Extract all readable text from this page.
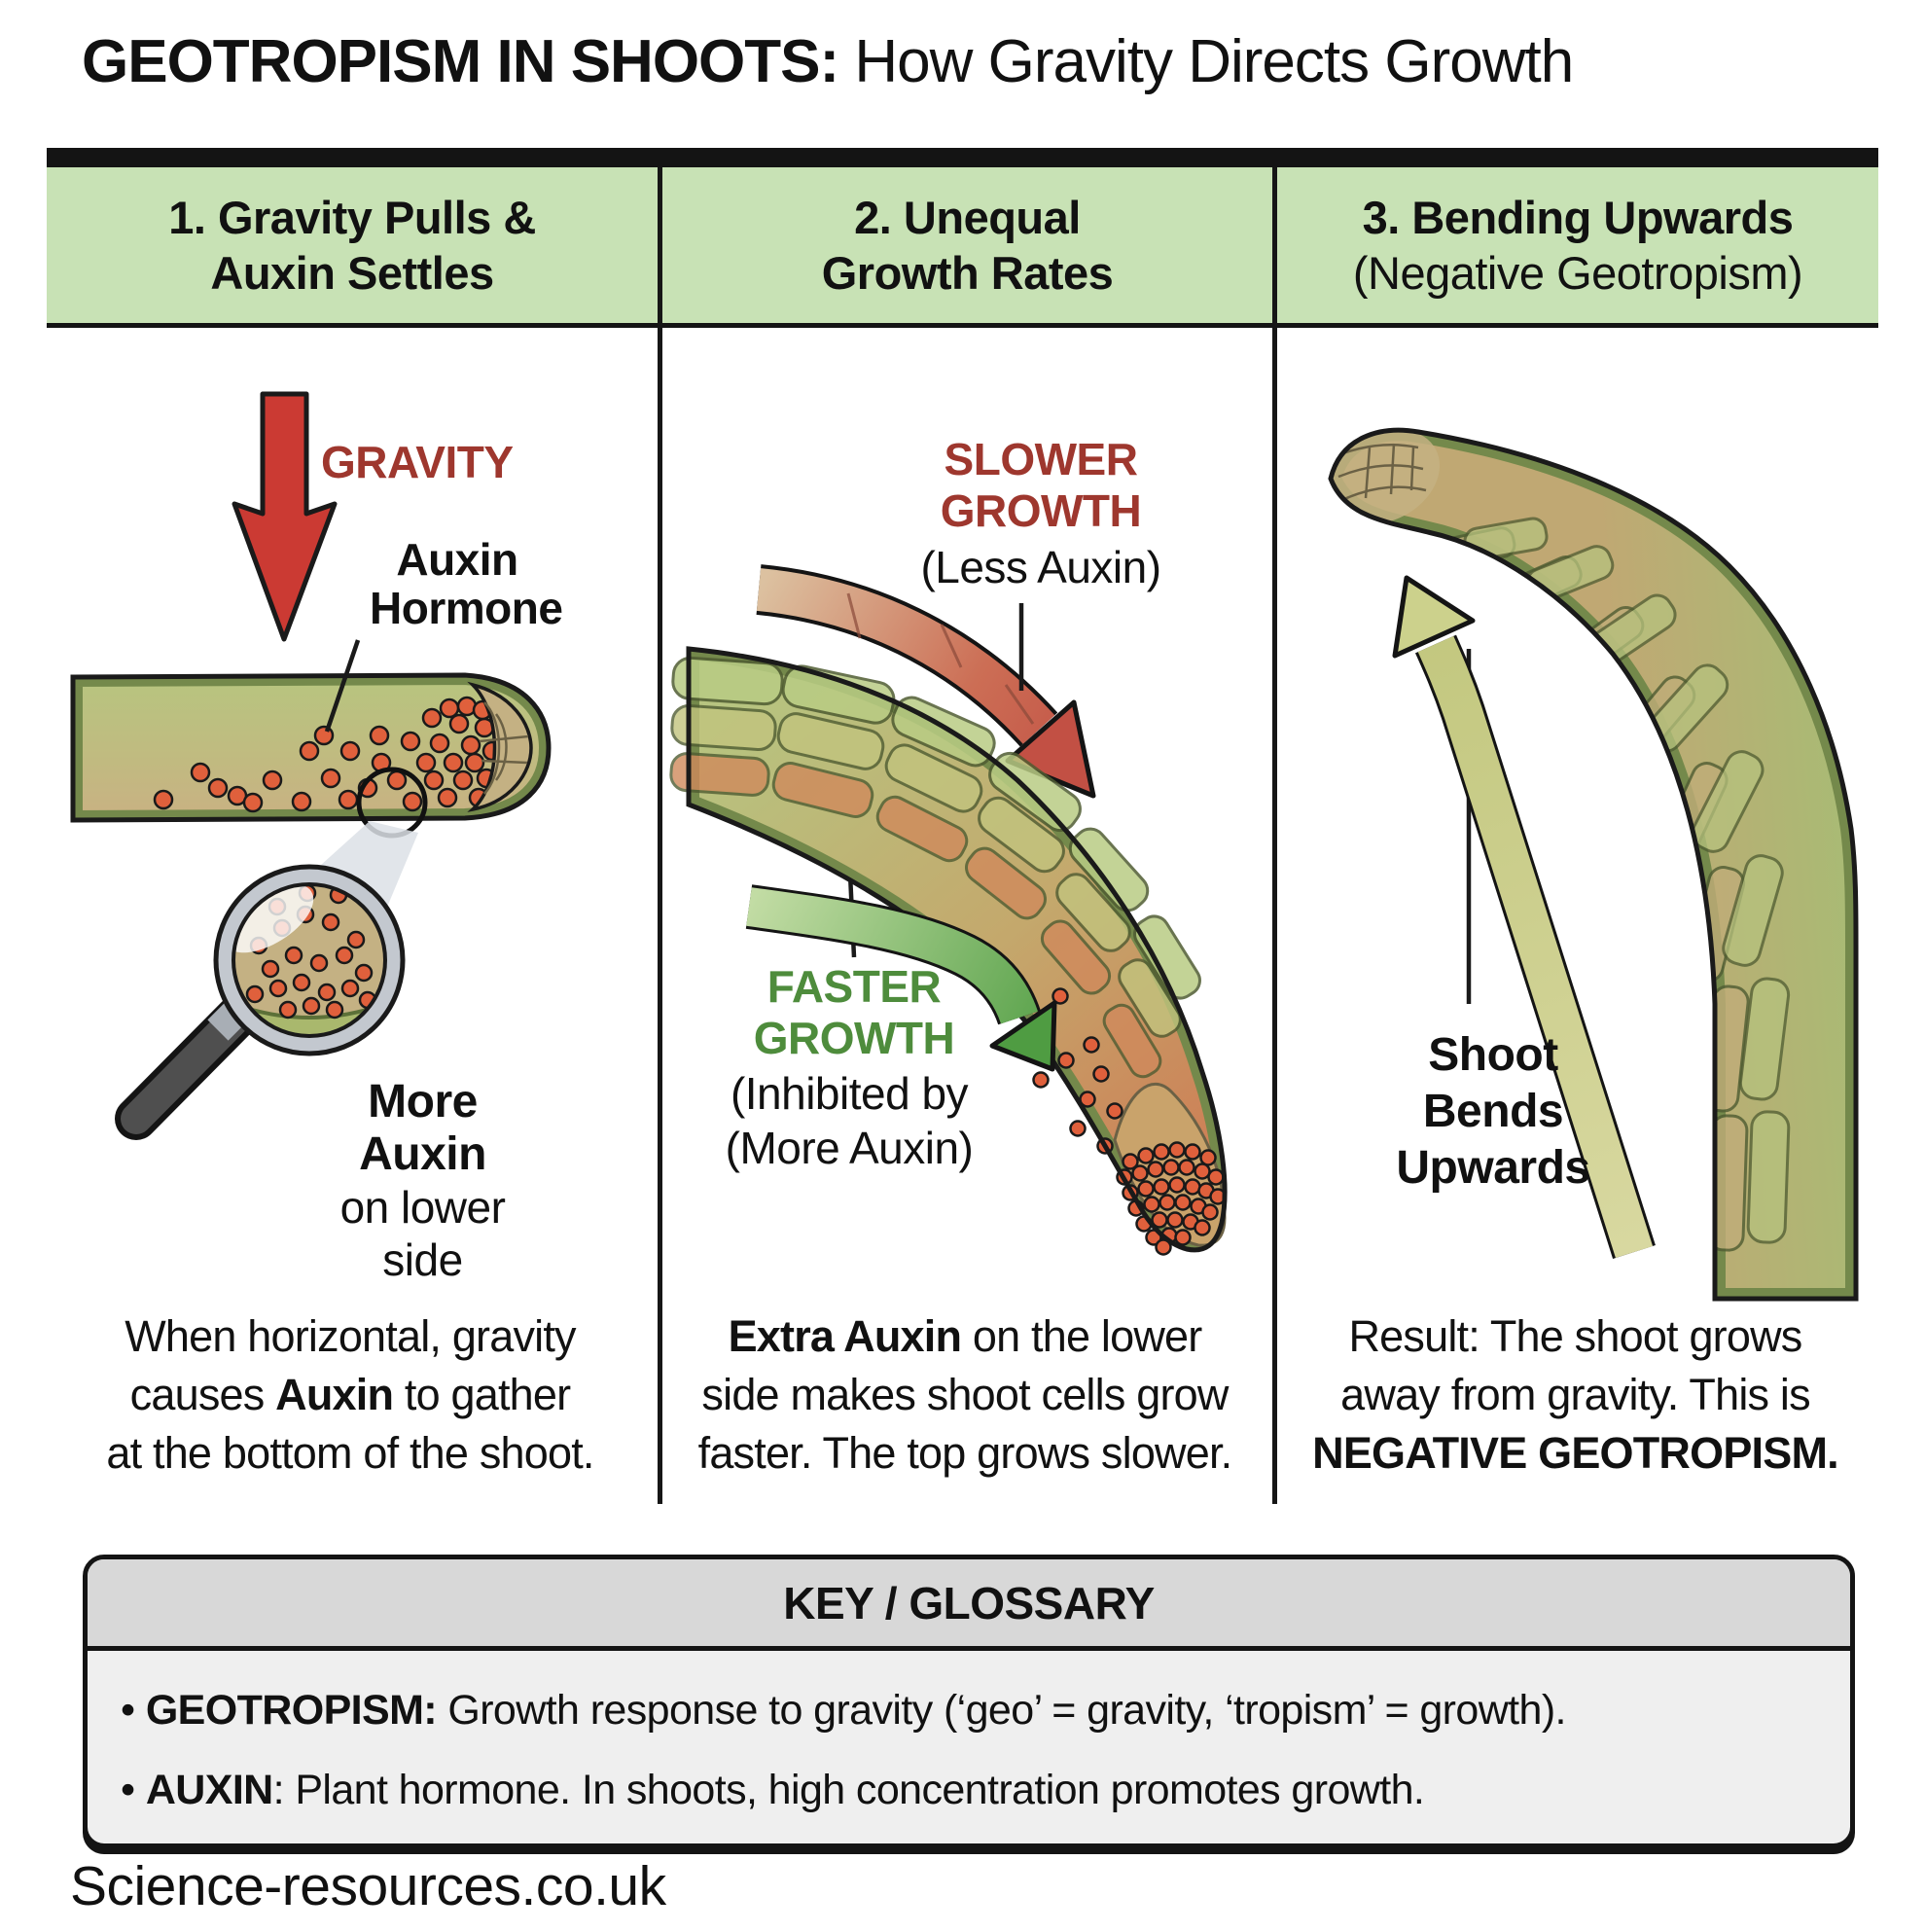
GEOTROPISM IN SHOOTS: How Gravity Directs Growth
1. Gravity Pulls &
Auxin Settles
2. Unequal
Growth Rates
3. Bending Upwards
(Negative Geotropism)
GRAVITY
Auxin
Hormone
More Auxin
on lower side
When horizontal, gravity
causes Auxin to gather
at the bottom of the shoot.
SLOWER
GROWTH
(Less Auxin)
FASTER
GROWTH
(Inhibited by
(More Auxin)
Extra Auxin on the lower
side makes shoot cells grow
faster. The top grows slower.
Shoot Bends
Upwards
Result: The shoot grows
away from gravity. This is
NEGATIVE GEOTROPISM.
KEY / GLOSSARY
• GEOTROPISM: Growth response to gravity (‘geo’ = gravity, ‘tropism’ = growth).
• AUXIN: Plant hormone. In shoots, high concentration promotes growth.
Science-resources.co.uk
